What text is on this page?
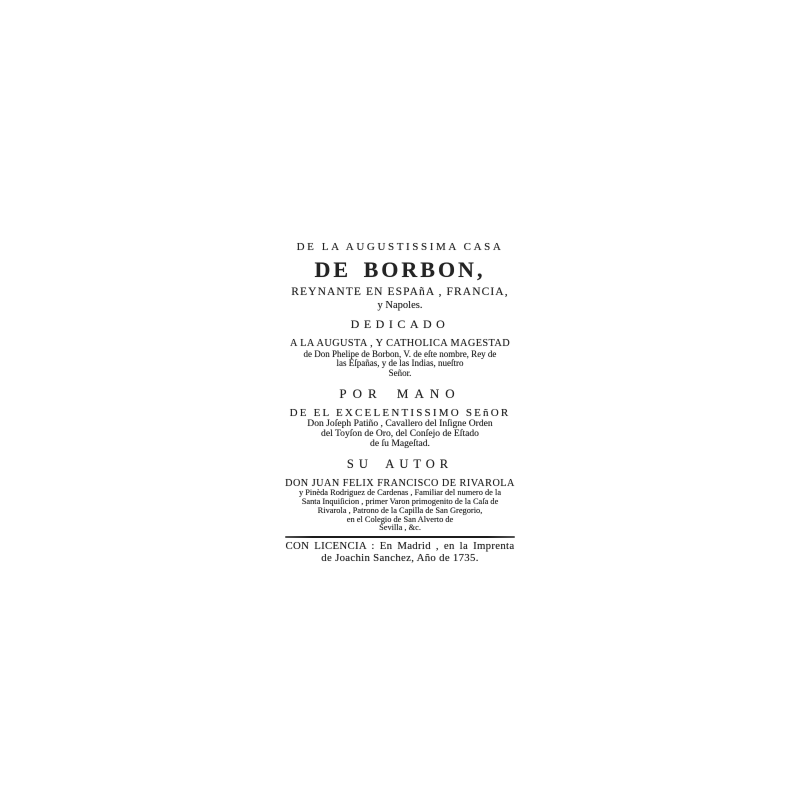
DE LA AUGUSTISSIMA CASA
DE BORBON,
REYNANTE EN ESPAñA , FRANCIA,
y Napoles.
DEDICADO
A LA AUGUSTA , Y CATHOLICA MAGESTAD
de Don Phelipe de Borbon, V. de eſte nombre, Rey de
las Eſpañas, y de las Indias, nueſtro
Señor.
POR MANO
DE EL EXCELENTISSIMO SEñOR
Don Joſeph Patiño , Cavallero del Inſigne Orden
del Toyſon de Oro, del Conſejo de Eſtado
de ſu Mageſtad.
SU AUTOR
DON JUAN FELIX FRANCISCO DE RIVAROLA
y Pinèda Rodriguez de Cardenas , Familiar del numero de la
Santa Inquiſicion , primer Varon primogenito de la Caſa de
Rivarola , Patrono de la Capilla de San Gregorio,
en el Colegio de San Alverto de
Sevilla , &c.
CON LICENCIA : En Madrid , en la Imprenta
de Joachin Sanchez, Año de 1735.
